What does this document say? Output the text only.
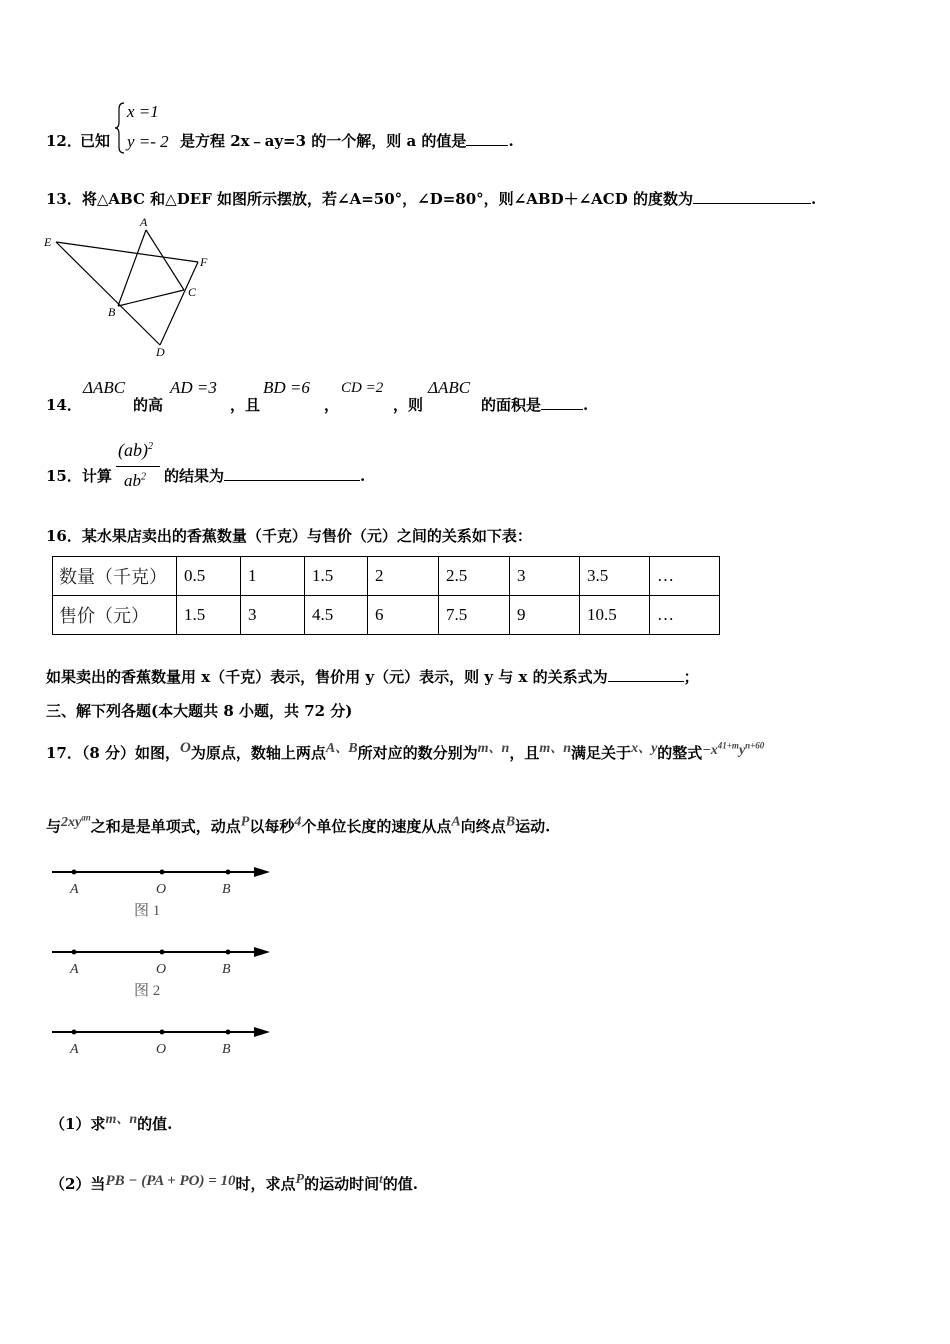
12．
已知
x =1
y =- 2 是方程 2x﹣ay=3 的一个解，则 a 的值是	.
13．将△ABC 和△DEF 如图所示摆放，若∠A=50°，∠D=80°，则∠ABD＋∠ACD 的度数为	.
A
E
F
C
B
D
14．
ΔABC
的高
AD =3
，且
BD =6
，
CD =2
，则
ΔABC
的面积是	.
15．计算
(ab)$^2$
$ab^2$ 的结果为	.
16．某水果店卖出的香蕉数量（千克）与售价（元）之间的关系如下表：
数量（千克）	0.5	1	1.5	2	2.5	3	3.5	…
售价（元）	1.5	3	4.5	6	7.5	9	10.5	…
如果卖出的香蕉数量用 x（千克）表示，售价用 y（元）表示，则 y 与 x 的关系式为	；
三、解下列各题(本大题共 8 小题，共 72 分)
17．（8 分）如图，O为原点，数轴上两点A、B所对应的数分别为m、n，且m、n满足关于x、y的整式$-x^{41+m}y^{n+60}$
与$2xy^{an}$之和是是单项式，动点P以每秒4个单位长度的速度从点A向终点B运动.
A	O	B
图 1
A	O	B
图 2
A	O	B
（1）求m、n的值.
（2）当PB − (PA + PO) = 10时，求点P的运动时间t的值.
